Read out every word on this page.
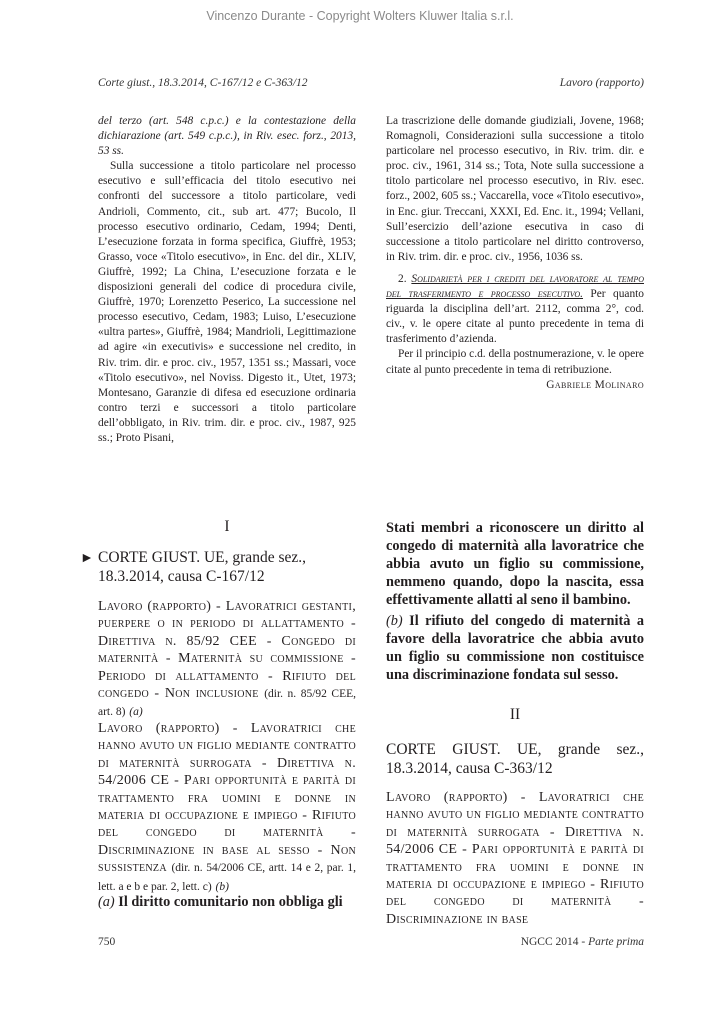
Vincenzo Durante - Copyright Wolters Kluwer Italia s.r.l.
Corte giust., 18.3.2014, C-167/12 e C-363/12	Lavoro (rapporto)

del terzo (art. 548 c.p.c.) e la contestazione della dichiarazione (art. 549 c.p.c.), in Riv. esec. forz., 2013, 53 ss.

Sulla successione a titolo particolare nel processo esecutivo e sull’efficacia del titolo esecutivo nei confronti del successore a titolo particolare, vedi Andrioli, Commento, cit., sub art. 477; Bucolo, Il processo esecutivo ordinario, Cedam, 1994; Denti, L’esecuzione forzata in forma specifica, Giuffrè, 1953; Grasso, voce «Titolo esecutivo», in Enc. del dir., XLIV, Giuffrè, 1992; La China, L’esecuzione forzata e le disposizioni generali del codice di procedura civile, Giuffrè, 1970; Lorenzetto Peserico, La successione nel processo esecutivo, Cedam, 1983; Luiso, L’esecuzione «ultra partes», Giuffrè, 1984; Mandrioli, Legittimazione ad agire «in executivis» e successione nel credito, in Riv. trim. dir. e proc. civ., 1957, 1351 ss.; Massari, voce «Titolo esecutivo», nel Noviss. Digesto it., Utet, 1973; Montesano, Garanzie di difesa ed esecuzione ordinaria contro terzi e successori a titolo particolare dell’obbligato, in Riv. trim. dir. e proc. civ., 1987, 925 ss.; Proto Pisani,

La trascrizione delle domande giudiziali, Jovene, 1968; Romagnoli, Considerazioni sulla successione a titolo particolare nel processo esecutivo, in Riv. trim. dir. e proc. civ., 1961, 314 ss.; Tota, Note sulla successione a titolo particolare nel processo esecutivo, in Riv. esec. forz., 2002, 605 ss.; Vaccarella, voce «Titolo esecutivo», in Enc. giur. Treccani, XXXI, Ed. Enc. it., 1994; Vellani, Sull’esercizio dell’azione esecutiva in caso di successione a titolo particolare nel diritto controverso, in Riv. trim. dir. e proc. civ., 1956, 1036 ss.

2. Solidarietà per i crediti del lavoratore al tempo del trasferimento e processo esecutivo. Per quanto riguarda la disciplina dell’art. 2112, comma 2°, cod. civ., v. le opere citate al punto precedente in tema di trasferimento d’azienda.

Per il principio c.d. della postnumerazione, v. le opere citate al punto precedente in tema di retribuzione.

Gabriele Molinaro

I
► CORTE GIUST. UE, grande sez., 18.3.2014, causa C-167/12
Lavoro (rapporto) - Lavoratrici gestanti, puerpere o in periodo di allattamento - Direttiva n. 85/92 CEE - Congedo di maternità - Maternità su commissione - Periodo di allattamento - Rifiuto del congedo - Non inclusione (dir. n. 85/92 CEE, art. 8) (a)
Lavoro (rapporto) - Lavoratrici che hanno avuto un figlio mediante contratto di maternità surrogata - Direttiva n. 54/2006 CE - Pari opportunità e parità di trattamento fra uomini e donne in materia di occupazione e impiego - Rifiuto del congedo di maternità - Discriminazione in base al sesso - Non sussistenza (dir. n. 54/2006 CE, artt. 14 e 2, par. 1, lett. a e b e par. 2, lett. c) (b)
(a) Il diritto comunitario non obbliga gli
Stati membri a riconoscere un diritto al congedo di maternità alla lavoratrice che abbia avuto un figlio su commissione, nemmeno quando, dopo la nascita, essa effettivamente allatti al seno il bambino.
(b) Il rifiuto del congedo di maternità a favore della lavoratrice che abbia avuto un figlio su commissione non costituisce una discriminazione fondata sul sesso.
II
CORTE GIUST. UE, grande sez., 18.3.2014, causa C-363/12
Lavoro (rapporto) - Lavoratrici che hanno avuto un figlio mediante contratto di maternità surrogata - Direttiva n. 54/2006 CE - Pari opportunità e parità di trattamento fra uomini e donne in materia di occupazione e impiego - Rifiuto del congedo di maternità - Discriminazione in base
750	NGCC 2014 - Parte prima
